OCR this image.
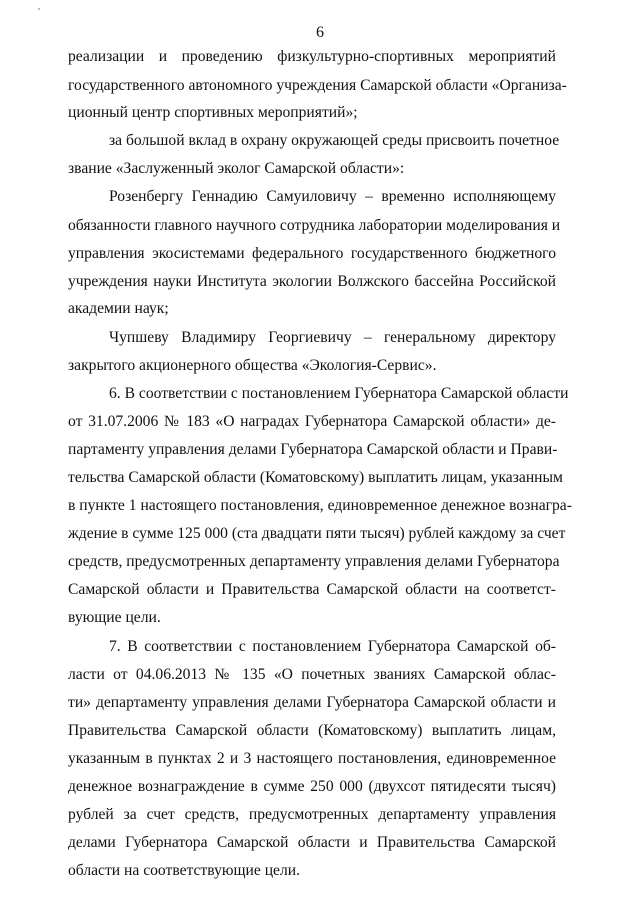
6
реализации и проведению физкультурно-спортивных мероприятий
государственного автономного учреждения Самарской области «Организа-
ционный центр спортивных мероприятий»;
за большой вклад в охрану окружающей среды присвоить почетное
звание «Заслуженный эколог Самарской области»:
Розенбергу Геннадию Самуиловичу – временно исполняющему
обязанности главного научного сотрудника лаборатории моделирования и
управления экосистемами федерального государственного бюджетного
учреждения науки Института экологии Волжского бассейна Российской
академии наук;
Чупшеву Владимиру Георгиевичу – генеральному директору
закрытого акционерного общества «Экология-Сервис».
6. В соответствии с постановлением Губернатора Самарской области
от 31.07.2006 № 183 «О наградах Губернатора Самарской области» де-
партаменту управления делами Губернатора Самарской области и Прави-
тельства Самарской области (Коматовскому) выплатить лицам, указанным
в пункте 1 настоящего постановления, единовременное денежное вознагра-
ждение в сумме 125 000 (ста двадцати пяти тысяч) рублей каждому за счет
средств, предусмотренных департаменту управления делами Губернатора
Самарской области и Правительства Самарской области на соответст-
вующие цели.
7. В соответствии с постановлением Губернатора Самарской об-
ласти от 04.06.2013 № 135 «О почетных званиях Самарской облас-
ти» департаменту управления делами Губернатора Самарской области и
Правительства Самарской области (Коматовскому) выплатить лицам,
указанным в пунктах 2 и 3 настоящего постановления, единовременное
денежное вознаграждение в сумме 250 000 (двухсот пятидесяти тысяч)
рублей за счет средств, предусмотренных департаменту управления
делами Губернатора Самарской области и Правительства Самарской
области на соответствующие цели.
